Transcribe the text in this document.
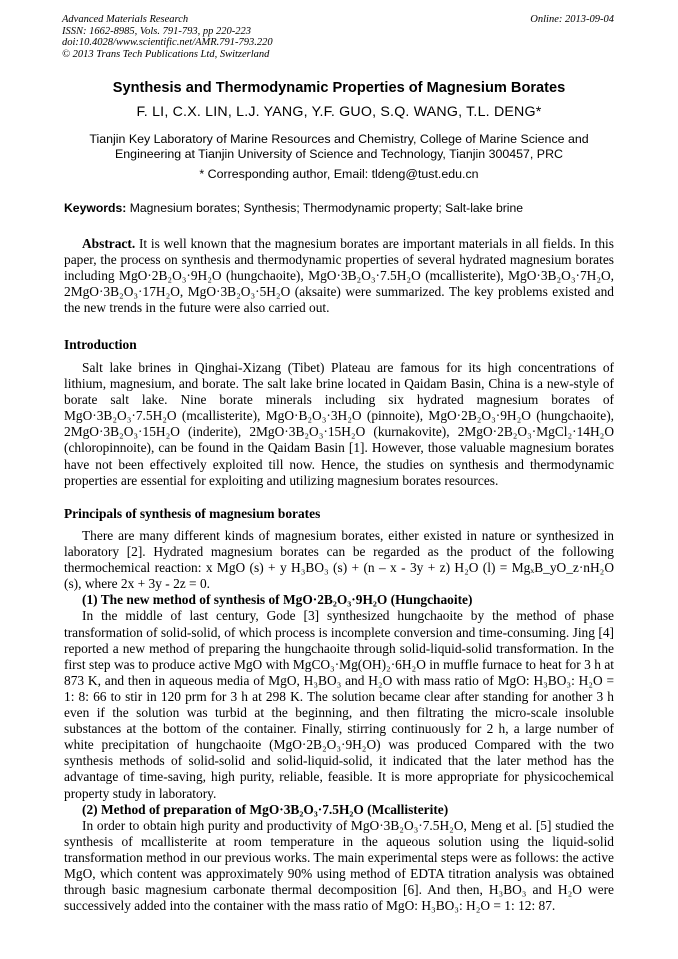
Advanced Materials Research
ISSN: 1662-8985, Vols. 791-793, pp 220-223
doi:10.4028/www.scientific.net/AMR.791-793.220
© 2013 Trans Tech Publications Ltd, Switzerland
Online: 2013-09-04
Synthesis and Thermodynamic Properties of Magnesium Borates
F. LI, C.X. LIN, L.J. YANG, Y.F. GUO, S.Q. WANG, T.L. DENG*
Tianjin Key Laboratory of Marine Resources and Chemistry, College of Marine Science and Engineering at Tianjin University of Science and Technology, Tianjin 300457, PRC
* Corresponding author, Email: tldeng@tust.edu.cn
Keywords: Magnesium borates; Synthesis; Thermodynamic property; Salt-lake brine

Abstract. It is well known that the magnesium borates are important materials in all fields. In this paper, the process on synthesis and thermodynamic properties of several hydrated magnesium borates including MgO·2B₂O₃·9H₂O (hungchaoite), MgO·3B₂O₃·7.5H₂O (mcallisterite), MgO·3B₂O₃·7H₂O, 2MgO·3B₂O₃·17H₂O, MgO·3B₂O₃·5H₂O (aksaite) were summarized. The key problems existed and the new trends in the future were also carried out.

Introduction

Salt lake brines in Qinghai-Xizang (Tibet) Plateau are famous for its high concentrations of lithium, magnesium, and borate. The salt lake brine located in Qaidam Basin, China is a new-style of borate salt lake. Nine borate minerals including six hydrated magnesium borates of MgO·3B₂O₃·7.5H₂O (mcallisterite), MgO·B₂O₃·3H₂O (pinnoite), MgO·2B₂O₃·9H₂O (hungchaoite), 2MgO·3B₂O₃·15H₂O (inderite), 2MgO·3B₂O₃·15H₂O (kurnakovite), 2MgO·2B₂O₃·MgCl₂·14H₂O (chloropinnoite), can be found in the Qaidam Basin [1]. However, those valuable magnesium borates have not been effectively exploited till now. Hence, the studies on synthesis and thermodynamic properties are essential for exploiting and utilizing magnesium borates resources.

Principals of synthesis of magnesium borates

There are many different kinds of magnesium borates, either existed in nature or synthesized in laboratory [2]. Hydrated magnesium borates can be regarded as the product of the following thermochemical reaction: x MgO (s) + y H₃BO₃ (s) + (n – x - 3y + z) H₂O (l) = MgₓB_yO_z·nH₂O (s), where 2x + 3y - 2z = 0.

(1) The new method of synthesis of MgO·2B₂O₃·9H₂O (Hungchaoite)

In the middle of last century, Gode [3] synthesized hungchaoite by the method of phase transformation of solid-solid, of which process is incomplete conversion and time-consuming. Jing [4] reported a new method of preparing the hungchaoite through solid-liquid-solid transformation. In the first step was to produce active MgO with MgCO₃·Mg(OH)₂·6H₂O in muffle furnace to heat for 3 h at 873 K, and then in aqueous media of MgO, H₃BO₃ and H₂O with mass ratio of MgO: H₃BO₃: H₂O = 1: 8: 66 to stir in 120 prm for 3 h at 298 K. The solution became clear after standing for another 3 h even if the solution was turbid at the beginning, and then filtrating the micro-scale insoluble substances at the bottom of the container. Finally, stirring continuously for 2 h, a large number of white precipitation of hungchaoite (MgO·2B₂O₃·9H₂O) was produced Compared with the two synthesis methods of solid-solid and solid-liquid-solid, it indicated that the later method has the advantage of time-saving, high purity, reliable, feasible. It is more appropriate for physicochemical property study in laboratory.

(2) Method of preparation of MgO·3B₂O₃·7.5H₂O (Mcallisterite)

In order to obtain high purity and productivity of MgO·3B₂O₃·7.5H₂O, Meng et al. [5] studied the synthesis of mcallisterite at room temperature in the aqueous solution using the liquid-solid transformation method in our previous works. The main experimental steps were as follows: the active MgO, which content was approximately 90% using method of EDTA titration analysis was obtained through basic magnesium carbonate thermal decomposition [6]. And then, H₃BO₃ and H₂O were successively added into the container with the mass ratio of MgO: H₃BO₃: H₂O = 1: 12: 87.
